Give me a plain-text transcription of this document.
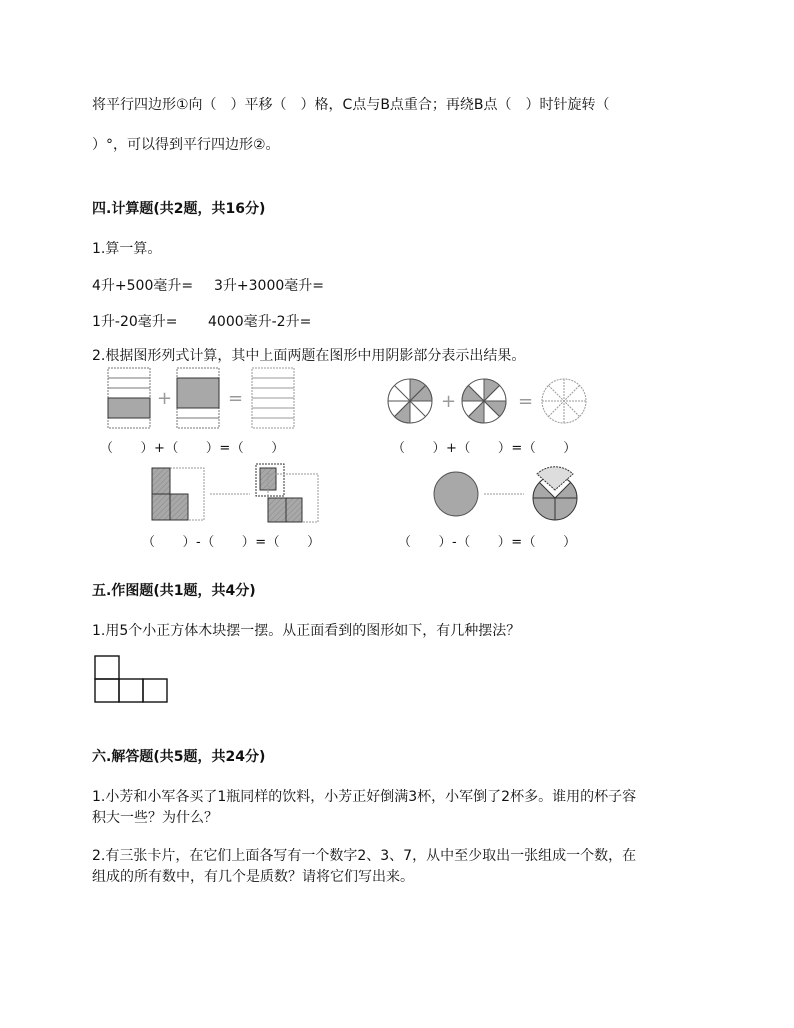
将平行四边形①向（　）平移（　）格，C点与B点重合；再绕B点（　）时针旋转（
）°，可以得到平行四边形②。
四.计算题(共2题，共16分)
1.算一算。
4升+500毫升= 3升+3000毫升=
1升-20毫升= 4000毫升-2升=
2.根据图形列式计算，其中上面两题在图形中用阴影部分表示出结果。
+	=	+	=
（　　）+（　　）=（　　）	（　　）+（　　）=（　　）
（　　）-（　　）=（　　）	（　　）-（　　）=（　　）
五.作图题(共1题，共4分)
1.用5个小正方体木块摆一摆。从正面看到的图形如下，有几种摆法？
六.解答题(共5题，共24分)
1.小芳和小军各买了1瓶同样的饮料，小芳正好倒满3杯，小军倒了2杯多。谁用的杯子容
积大一些？为什么？
2.有三张卡片，在它们上面各写有一个数字2、3、7，从中至少取出一张组成一个数，在
组成的所有数中，有几个是质数？请将它们写出来。
